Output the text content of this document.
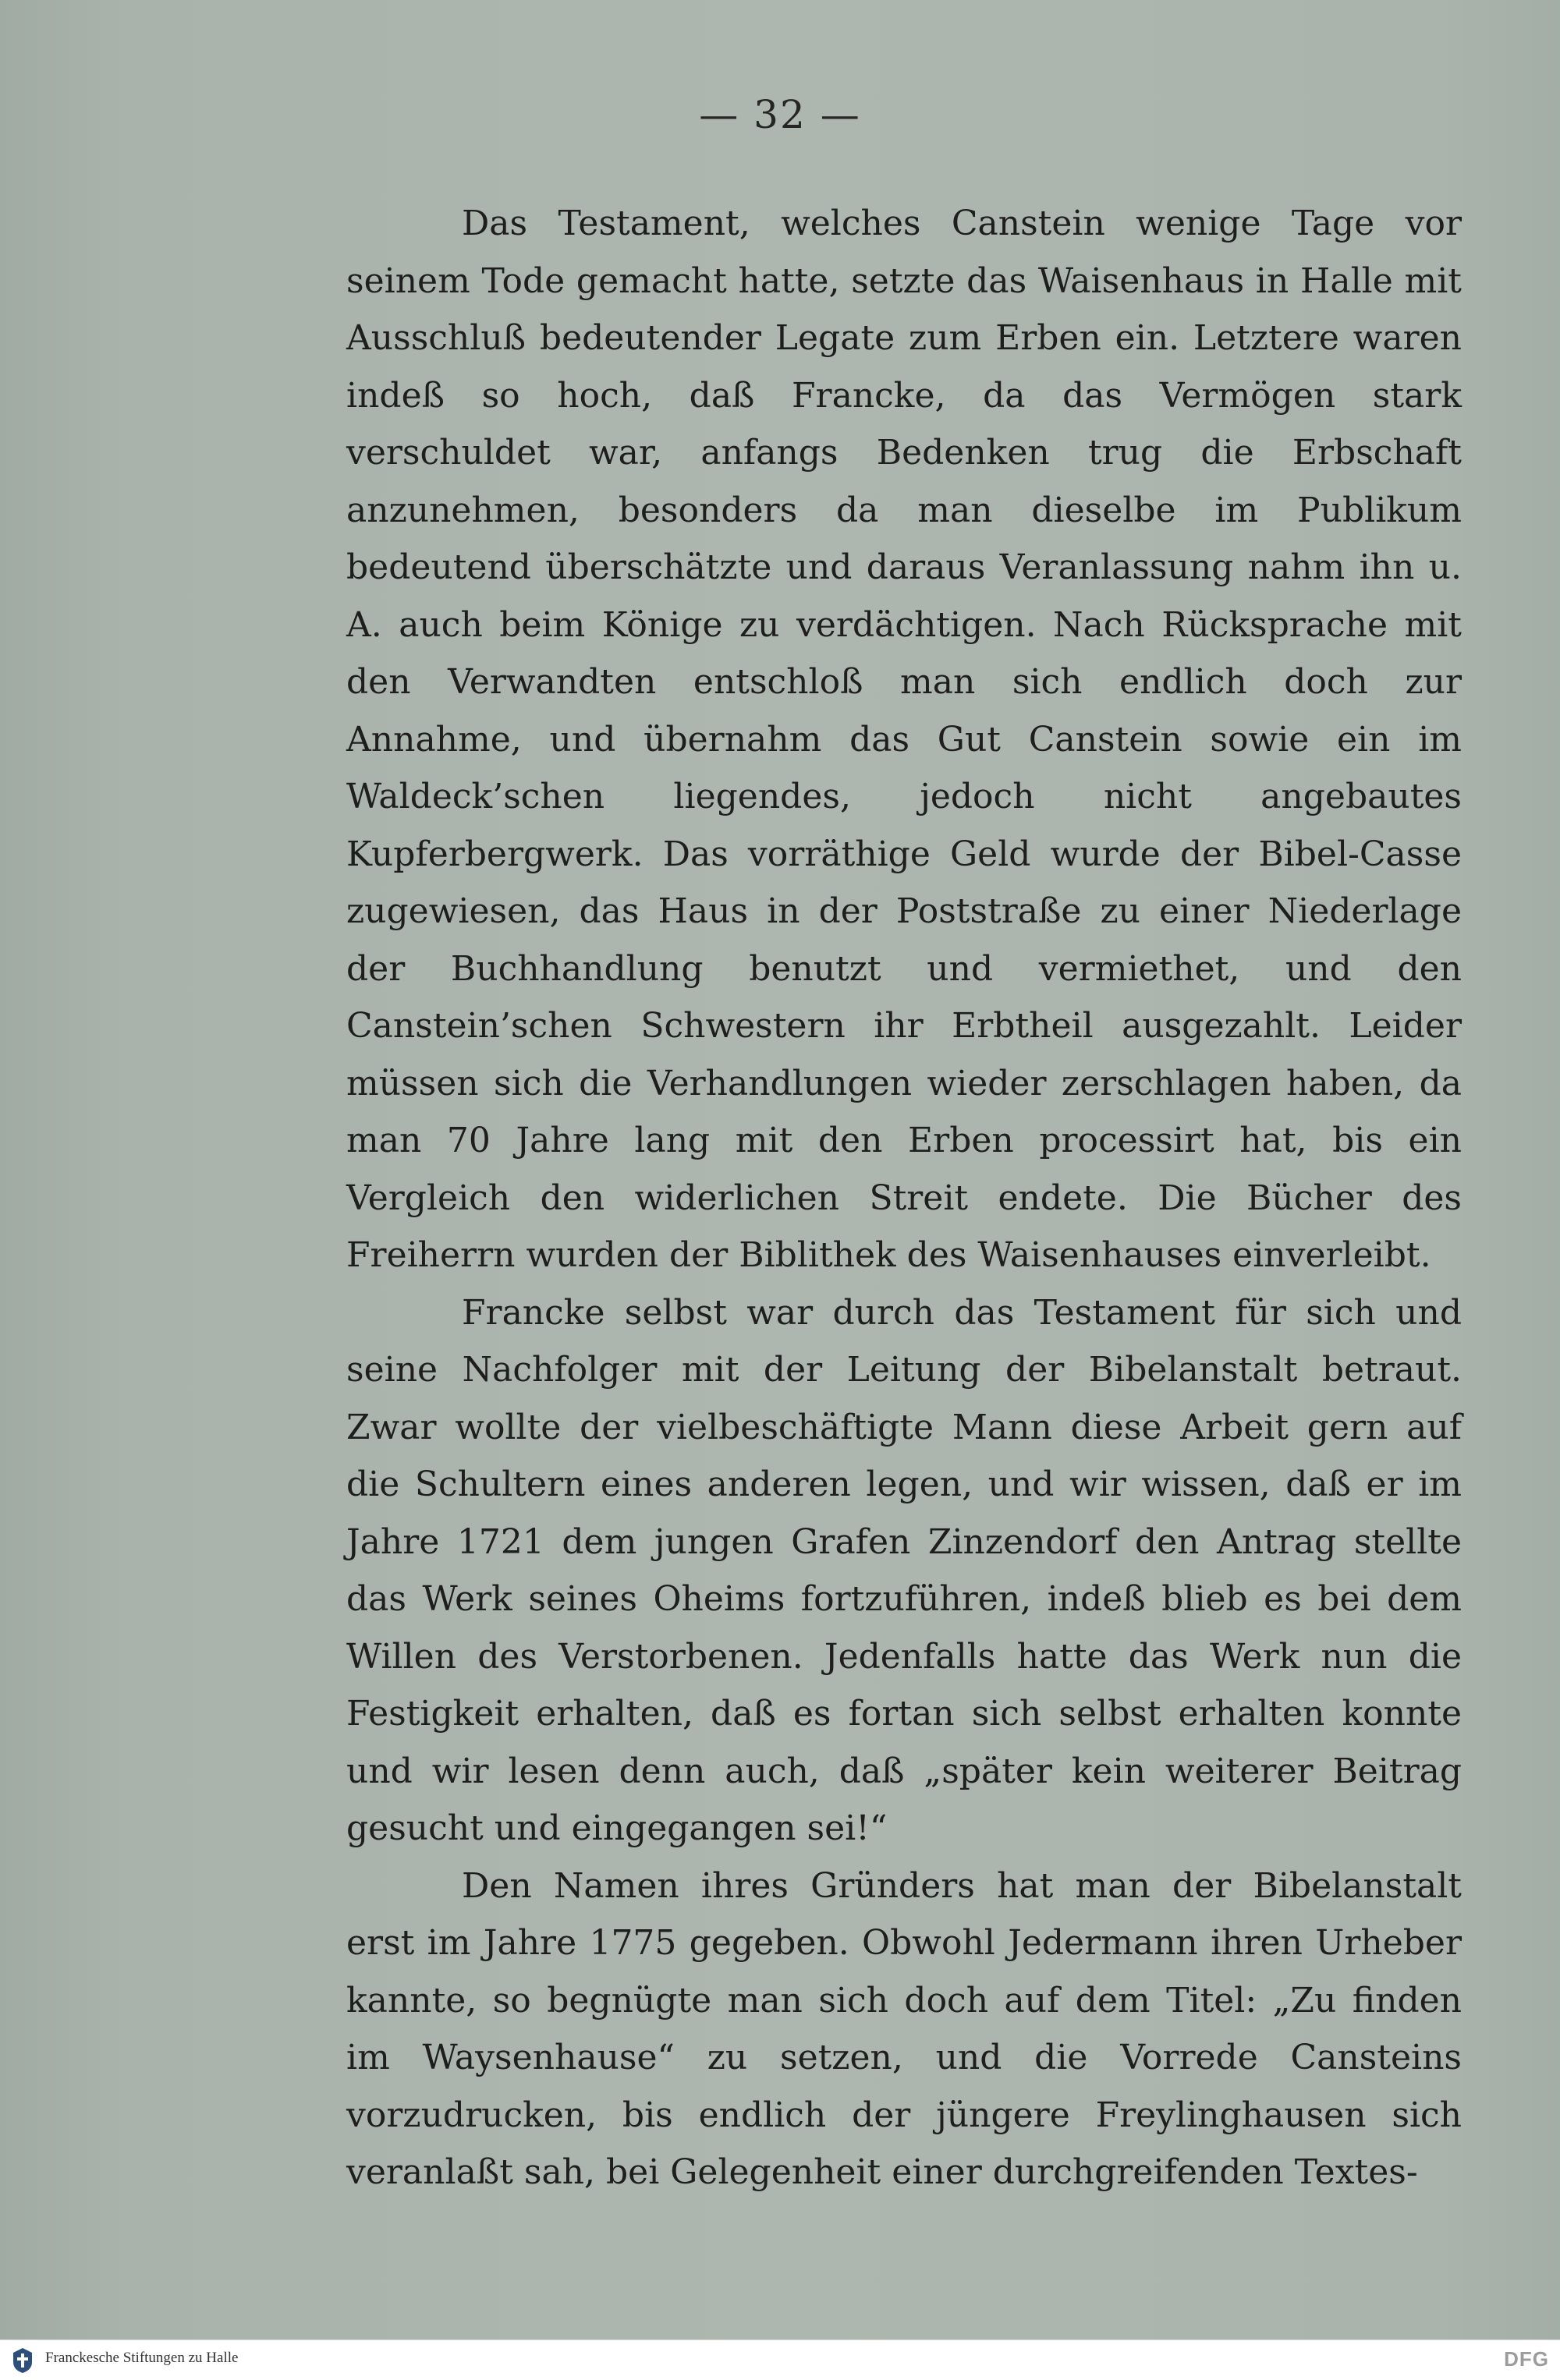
— 32 —

Das Testament, welches Canstein wenige Tage vor seinem Tode gemacht hatte, setzte das Waisenhaus in Halle mit Ausschluß bedeutender Legate zum Erben ein. Letztere waren indeß so hoch, daß Francke, da das Vermögen stark verschuldet war, anfangs Bedenken trug die Erbschaft anzunehmen, besonders da man dieselbe im Publikum bedeutend überschätzte und daraus Veranlassung nahm ihn u. A. auch beim Könige zu verdächtigen. Nach Rücksprache mit den Verwandten entschloß man sich endlich doch zur Annahme, und übernahm das Gut Canstein sowie ein im Waldeck’schen liegendes, jedoch nicht angebautes Kupferbergwerk. Das vorräthige Geld wurde der Bibel-Casse zugewiesen, das Haus in der Poststraße zu einer Niederlage der Buchhandlung benutzt und vermiethet, und den Canstein’schen Schwestern ihr Erbtheil ausgezahlt. Leider müssen sich die Verhandlungen wieder zerschlagen haben, da man 70 Jahre lang mit den Erben processirt hat, bis ein Vergleich den widerlichen Streit endete. Die Bücher des Freiherrn wurden der Biblithek des Waisenhauses einverleibt.

Francke selbst war durch das Testament für sich und seine Nachfolger mit der Leitung der Bibelanstalt betraut. Zwar wollte der vielbeschäftigte Mann diese Arbeit gern auf die Schultern eines anderen legen, und wir wissen, daß er im Jahre 1721 dem jungen Grafen Zinzendorf den Antrag stellte das Werk seines Oheims fortzuführen, indeß blieb es bei dem Willen des Verstorbenen. Jedenfalls hatte das Werk nun die Festigkeit erhalten, daß es fortan sich selbst erhalten konnte und wir lesen denn auch, daß „später kein weiterer Beitrag gesucht und eingegangen sei!“

Den Namen ihres Gründers hat man der Bibelanstalt erst im Jahre 1775 gegeben. Obwohl Jedermann ihren Urheber kannte, so begnügte man sich doch auf dem Titel: „Zu finden im Waysenhause“ zu setzen, und die Vorrede Cansteins vorzudrucken, bis endlich der jüngere Freylinghausen sich veranlaßt sah, bei Gelegenheit einer durchgreifenden Textes-

Franckesche Stiftungen zu Halle	DFG
